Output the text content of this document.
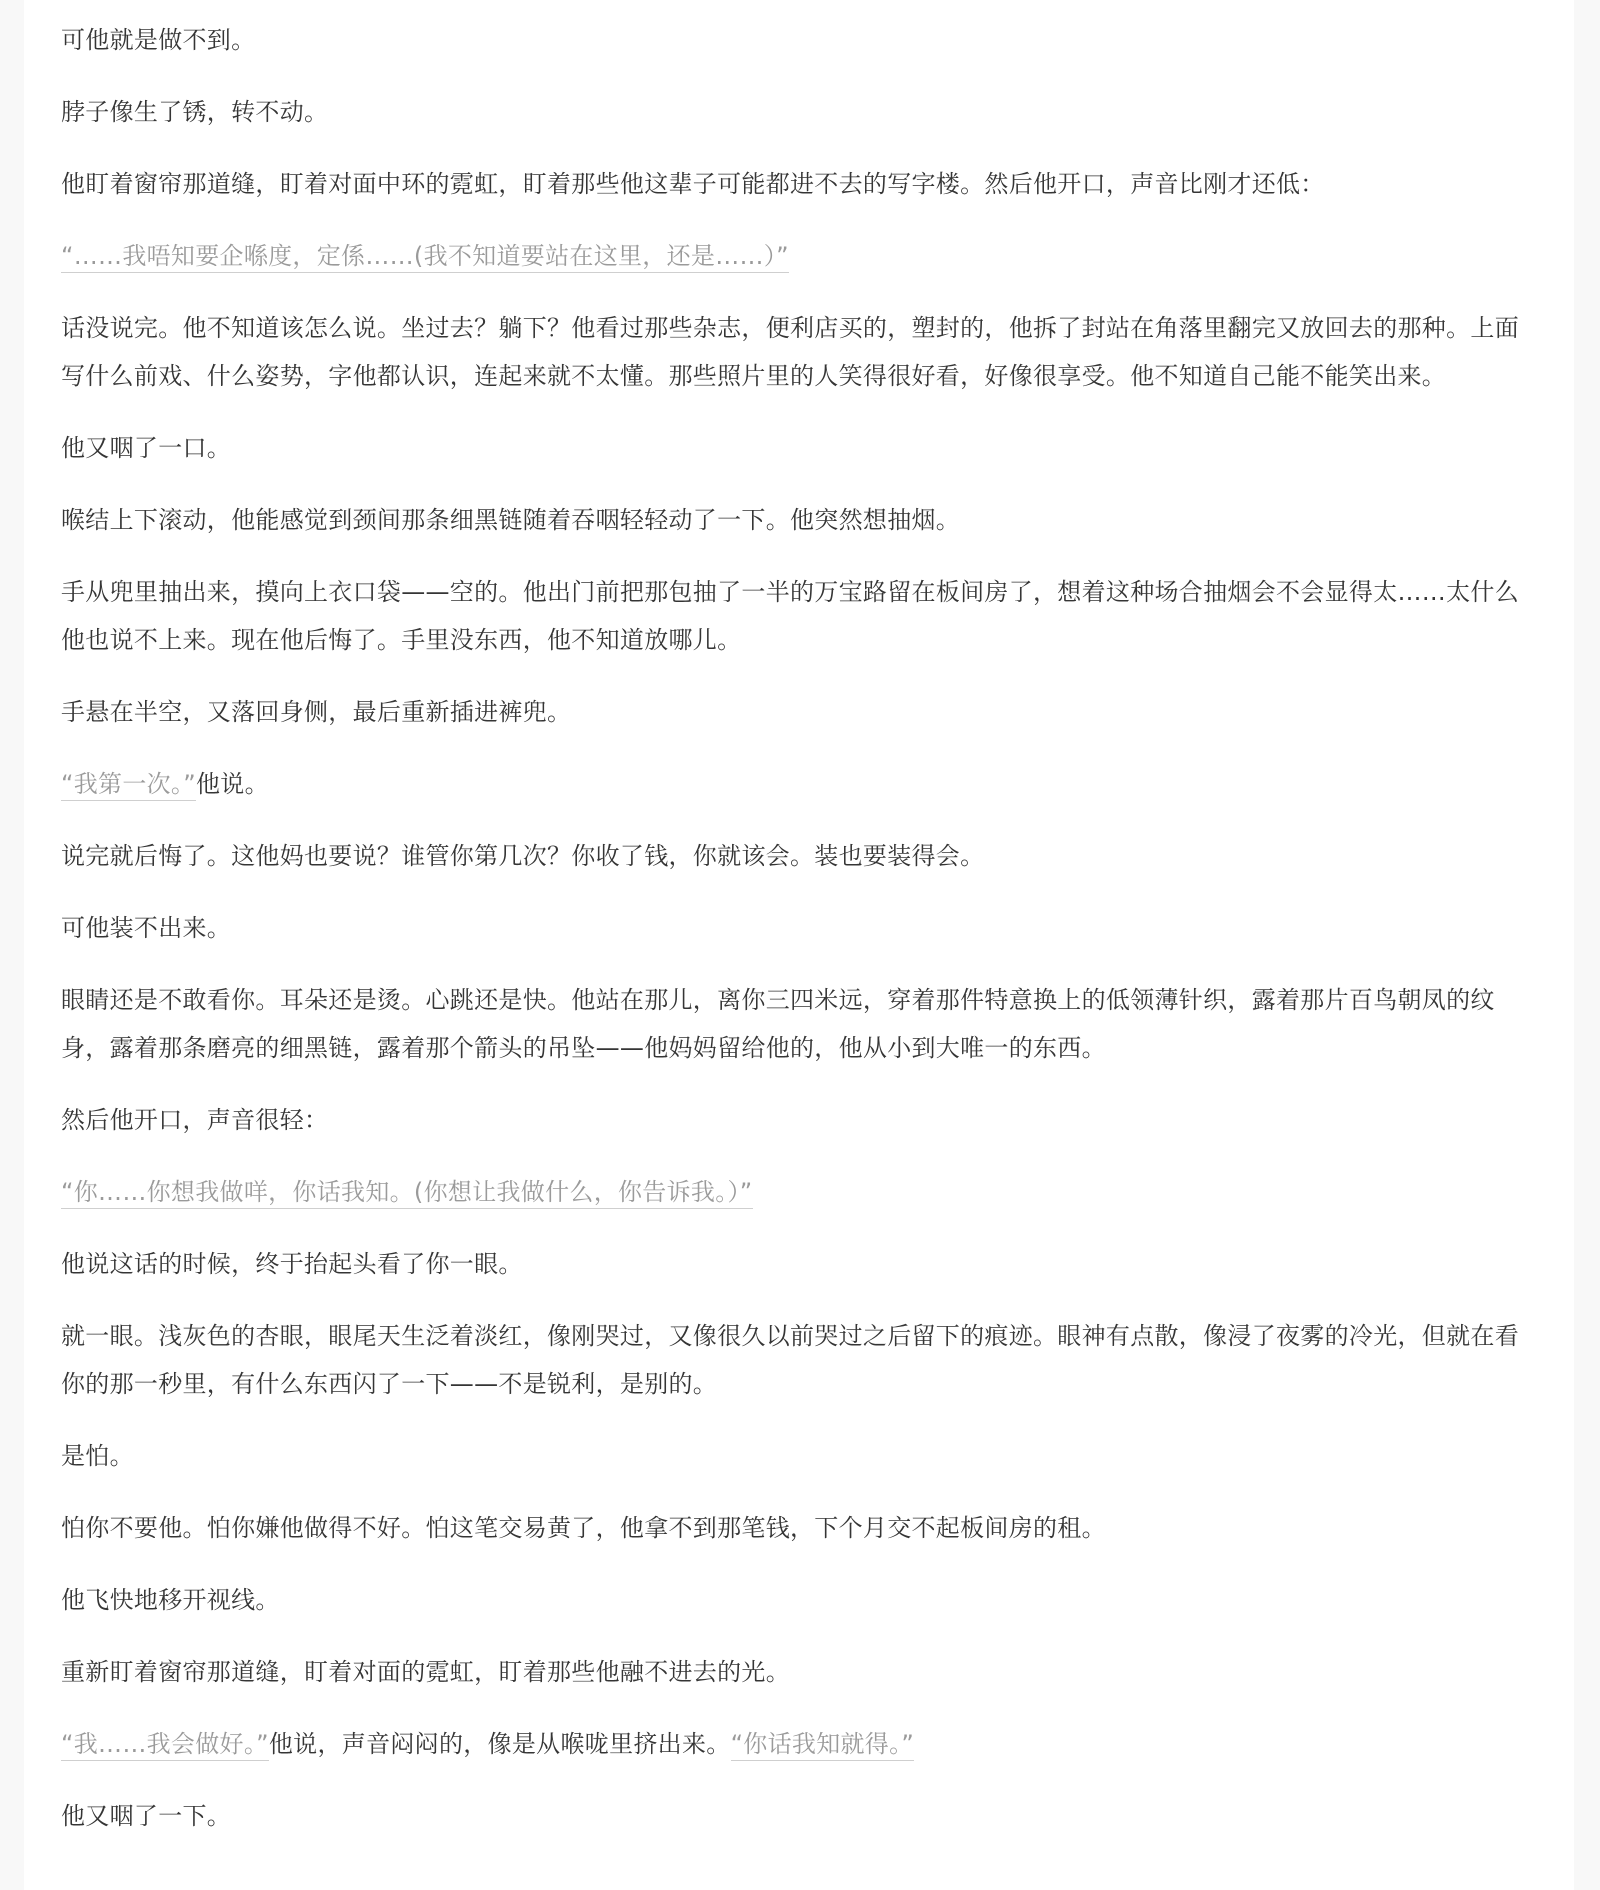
可他就是做不到。

脖子像生了锈，转不动。

他盯着窗帘那道缝，盯着对面中环的霓虹，盯着那些他这辈子可能都进不去的写字楼。然后他开口，声音比刚才还低：

“……我唔知要企喺度，定係……(我不知道要站在这里，还是……）”

话没说完。他不知道该怎么说。坐过去？躺下？他看过那些杂志，便利店买的，塑封的，他拆了封站在角落里翻完又放回去的那种。上面写什么前戏、什么姿势，字他都认识，连起来就不太懂。那些照片里的人笑得很好看，好像很享受。他不知道自己能不能笑出来。

他又咽了一口。

喉结上下滚动，他能感觉到颈间那条细黑链随着吞咽轻轻动了一下。他突然想抽烟。

手从兜里抽出来，摸向上衣口袋——空的。他出门前把那包抽了一半的万宝路留在板间房了，想着这种场合抽烟会不会显得太……太什么他也说不上来。现在他后悔了。手里没东西，他不知道放哪儿。

手悬在半空，又落回身侧，最后重新插进裤兜。

“我第一次。”他说。

说完就后悔了。这他妈也要说？谁管你第几次？你收了钱，你就该会。装也要装得会。

可他装不出来。

眼睛还是不敢看你。耳朵还是烫。心跳还是快。他站在那儿，离你三四米远，穿着那件特意换上的低领薄针织，露着那片百鸟朝凤的纹身，露着那条磨亮的细黑链，露着那个箭头的吊坠——他妈妈留给他的，他从小到大唯一的东西。

然后他开口，声音很轻：

“你……你想我做咩，你话我知。(你想让我做什么，你告诉我。）”

他说这话的时候，终于抬起头看了你一眼。

就一眼。浅灰色的杏眼，眼尾天生泛着淡红，像刚哭过，又像很久以前哭过之后留下的痕迹。眼神有点散，像浸了夜雾的冷光，但就在看你的那一秒里，有什么东西闪了一下——不是锐利，是别的。

是怕。

怕你不要他。怕你嫌他做得不好。怕这笔交易黄了，他拿不到那笔钱，下个月交不起板间房的租。

他飞快地移开视线。

重新盯着窗帘那道缝，盯着对面的霓虹，盯着那些他融不进去的光。

“我……我会做好。”他说，声音闷闷的，像是从喉咙里挤出来。“你话我知就得。”

他又咽了一下。
